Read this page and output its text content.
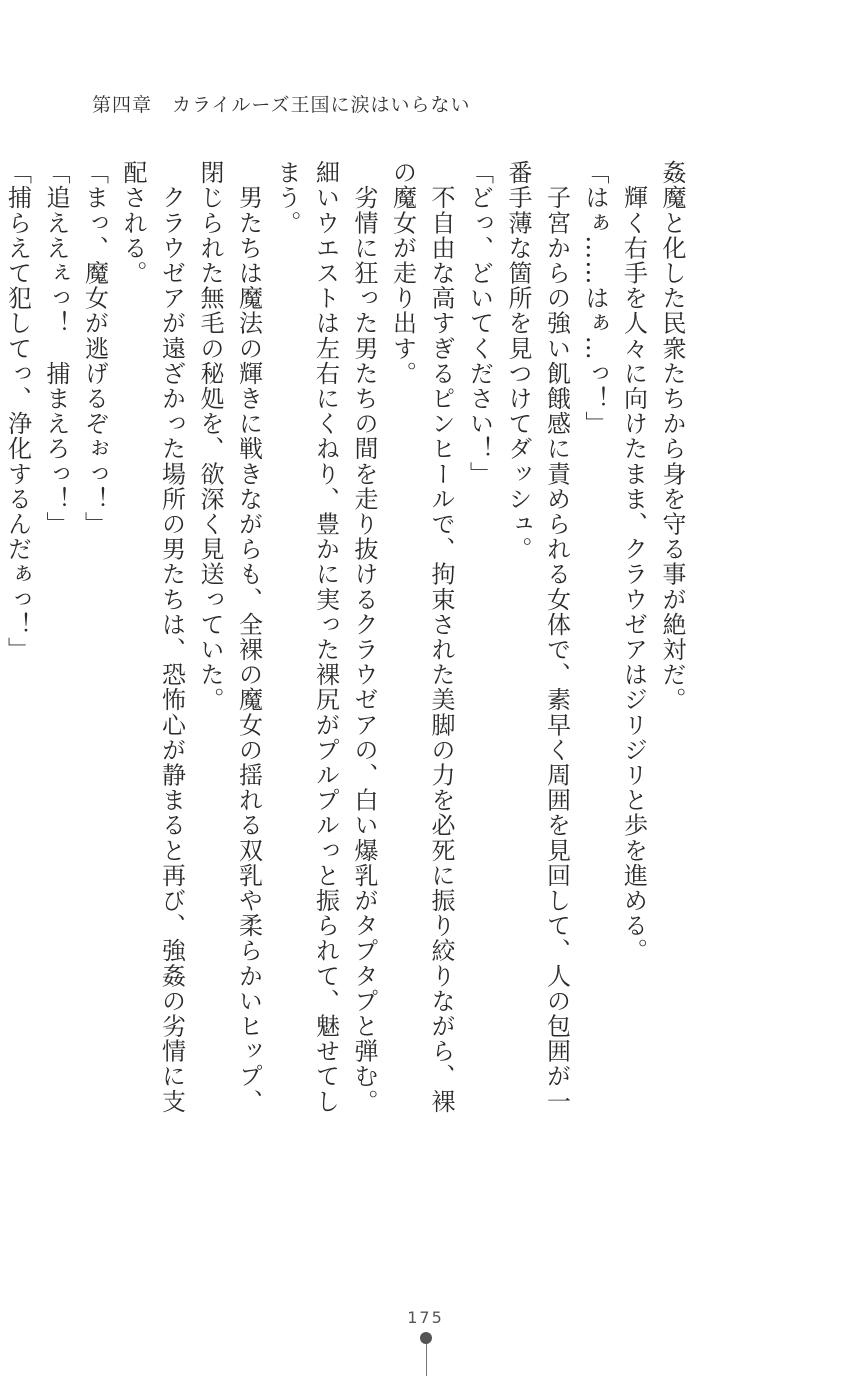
第四章　カライルーズ王国に涙はいらない

姦魔と化した民衆たちから身を守る事が絶対だ。

　輝く右手を人々に向けたまま、クラウゼアはジリジリと歩を進める。

「はぁ……はぁ…っ！」

　子宮からの強い飢餓感に責められる女体で、素早く周囲を見回して、人の包囲が一番手薄な箇所を見つけてダッシュ。

「どっ、どいてください！」

　不自由な高すぎるピンヒールで、拘束された美脚の力を必死に振り絞りながら、裸の魔女が走り出す。

　劣情に狂った男たちの間を走り抜けるクラウゼアの、白い爆乳がタプタプと弾む。細いウエストは左右にくねり、豊かに実った裸尻がプルプルっと振られて、魅せてしまう。

　男たちは魔法の輝きに戦きながらも、全裸の魔女の揺れる双乳や柔らかいヒップ、閉じられた無毛の秘処を、欲深く見送っていた。

　クラウゼアが遠ざかった場所の男たちは、恐怖心が静まると再び、強姦の劣情に支配される。

「まっ、魔女が逃げるぞぉっ！」

「追ええぇっ！　捕まえろっ！」

「捕らえて犯してっ、浄化するんだぁっ！」

175
